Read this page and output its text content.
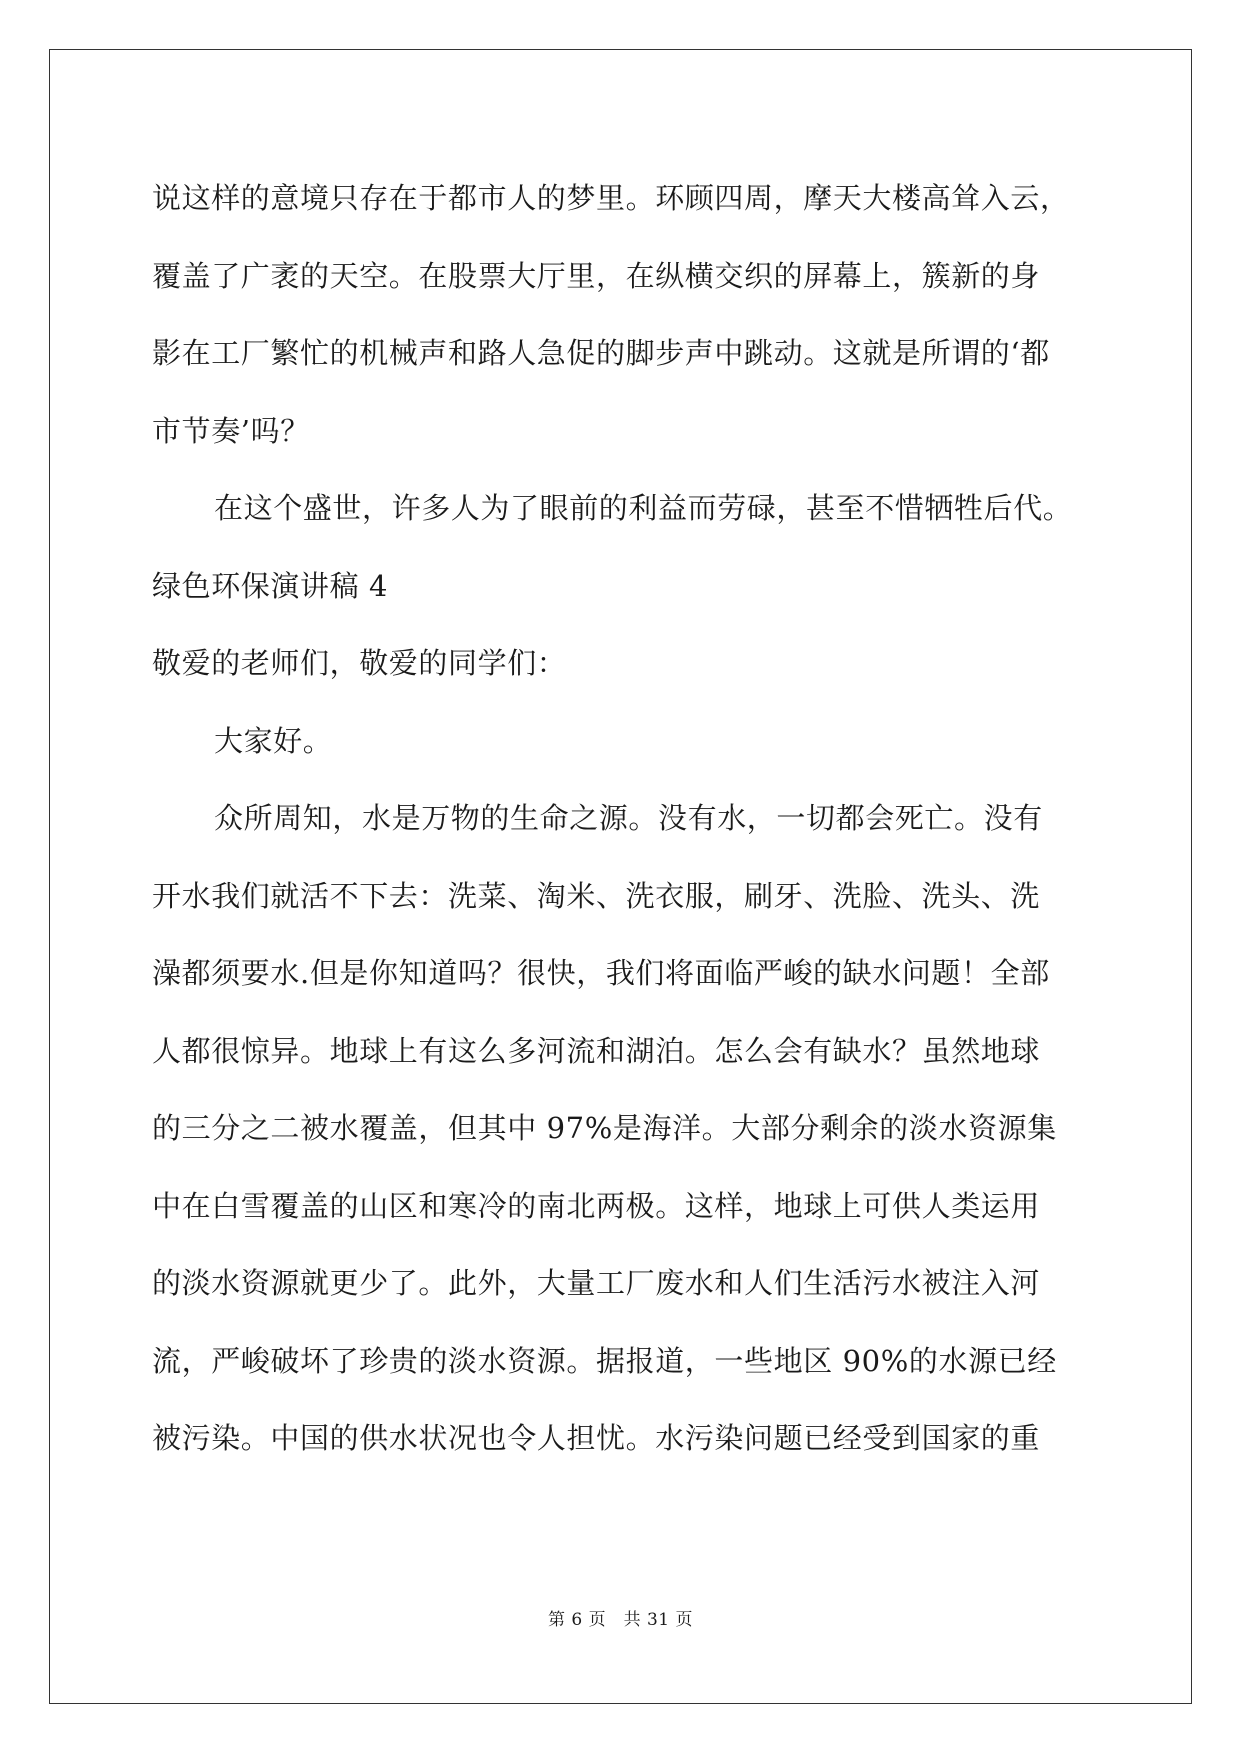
说这样的意境只存在于都市人的梦里。环顾四周，摩天大楼高耸入云，
覆盖了广袤的天空。在股票大厅里，在纵横交织的屏幕上，簇新的身
影在工厂繁忙的机械声和路人急促的脚步声中跳动。这就是所谓的‘都
市节奏’吗？
在这个盛世，许多人为了眼前的利益而劳碌，甚至不惜牺牲后代。
绿色环保演讲稿 4
敬爱的老师们，敬爱的同学们：
大家好。
众所周知，水是万物的生命之源。没有水，一切都会死亡。没有
开水我们就活不下去：洗菜、淘米、洗衣服，刷牙、洗脸、洗头、洗
澡都须要水.但是你知道吗？很快，我们将面临严峻的缺水问题！全部
人都很惊异。地球上有这么多河流和湖泊。怎么会有缺水？虽然地球
的三分之二被水覆盖，但其中 97%是海洋。大部分剩余的淡水资源集
中在白雪覆盖的山区和寒冷的南北两极。这样，地球上可供人类运用
的淡水资源就更少了。此外，大量工厂废水和人们生活污水被注入河
流，严峻破坏了珍贵的淡水资源。据报道，一些地区 90%的水源已经
被污染。中国的供水状况也令人担忧。水污染问题已经受到国家的重
第 6 页　共 31 页
